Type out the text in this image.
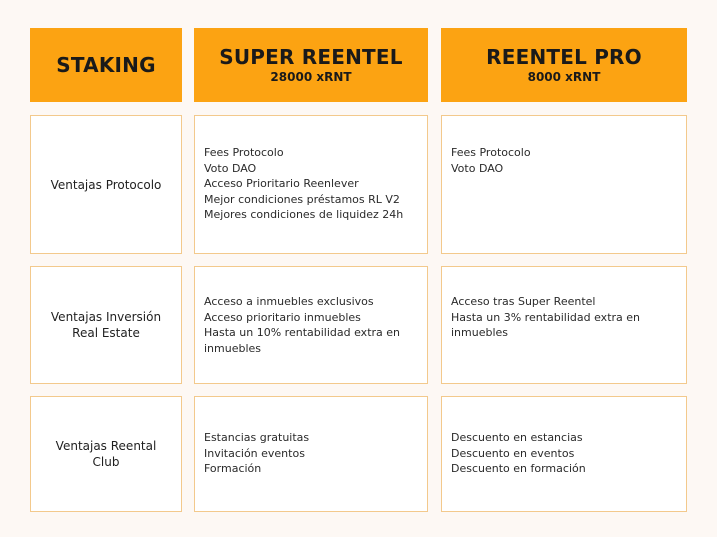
STAKING	SUPER REENTEL
28000 xRNT
REENTEL PRO
8000 xRNT
Ventajas Protocolo
Fees Protocolo
Voto DAO
Acceso Prioritario Reenlever
Mejor condiciones préstamos RL V2
Mejores condiciones de liquidez 24h
Fees Protocolo
Voto DAO
Ventajas Inversión Real Estate
Acceso a inmuebles exclusivos
Acceso prioritario inmuebles
Hasta un 10% rentabilidad extra en inmuebles
Acceso tras Super Reentel
Hasta un 3% rentabilidad extra en inmuebles
Ventajas Reental Club
Estancias gratuitas
Invitación eventos
Formación
Descuento en estancias
Descuento en eventos
Descuento en formación
